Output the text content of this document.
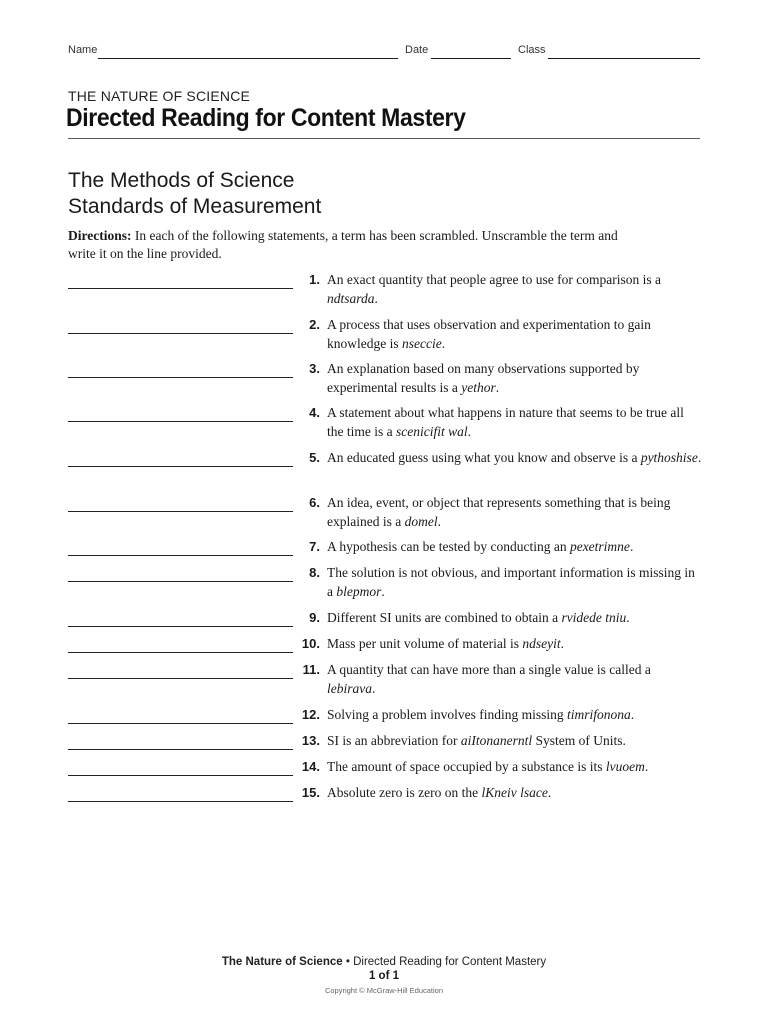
Name	Date	Class
THE NATURE OF SCIENCE
Directed Reading for Content Mastery
The Methods of Science
Standards of Measurement
Directions: In each of the following statements, a term has been scrambled. Unscramble the term and write it on the line provided.
1. An exact quantity that people agree to use for comparison is a ndtsarda.
2. A process that uses observation and experimentation to gain knowledge is nseccie.
3. An explanation based on many observations supported by experimental results is a yethor.
4. A statement about what happens in nature that seems to be true all the time is a scenicifit wal.
5. An educated guess using what you know and observe is a pythoshise.
6. An idea, event, or object that represents something that is being explained is a domel.
7. A hypothesis can be tested by conducting an pexetrimne.
8. The solution is not obvious, and important information is missing in a blepmor.
9. Different SI units are combined to obtain a rvidede tniu.
10. Mass per unit volume of material is ndseyit.
11. A quantity that can have more than a single value is called a lebirava.
12. Solving a problem involves finding missing timrifonona.
13. SI is an abbreviation for aiItonanerntl System of Units.
14. The amount of space occupied by a substance is its lvuoem.
15. Absolute zero is zero on the lKneiv lsace.
The Nature of Science • Directed Reading for Content Mastery
1 of 1
Copyright © McGraw-Hill Education
